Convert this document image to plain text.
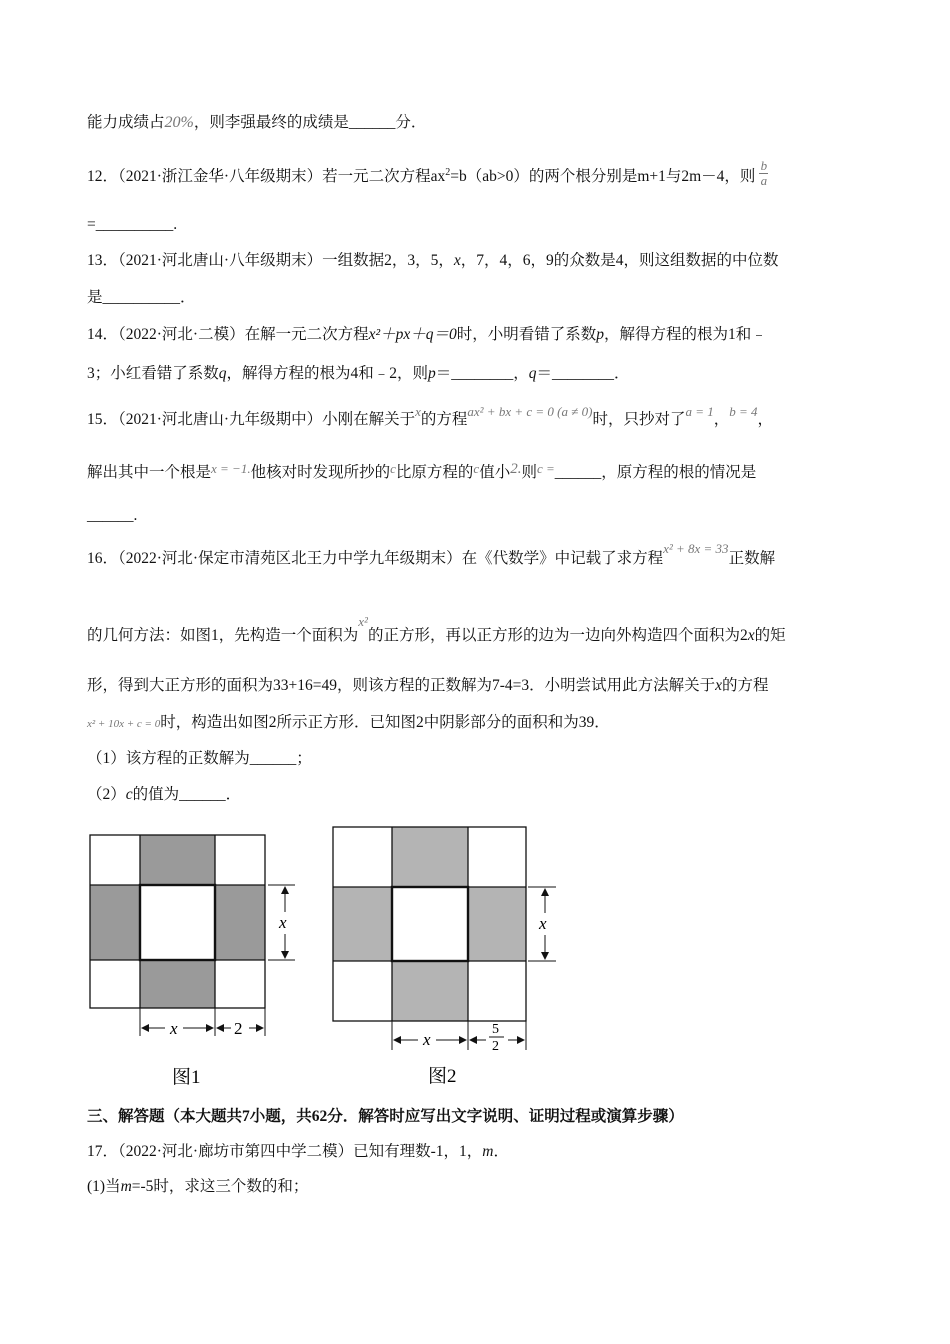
能力成绩占20%，则李强最终的成绩是______分．
12．（2021·浙江金华·八年级期末）若一元二次方程$ax^2=b(ab>0)$的两个根分别是m+1与2m－4，则 $\frac{b}{a}$
=__________.
13．（2021·河北唐山·八年级期末）一组数据2，3，5，x，7，4，6，9的众数是4，则这组数据的中位数
是__________．
14．（2022·河北·二模）在解一元二次方程x²＋px＋q＝0时，小明看错了系数p，解得方程的根为1和﹣
3；小红看错了系数q，解得方程的根为4和﹣2，则p＝________，q＝________．
15．（2021·河北唐山·九年级期中）小刚在解关于$^x$的方程$^{ax^2 + bx + c = 0 (a \ne 0)}$时，只抄对了$^{a = 1}$，$^{b = 4}$，
解出其中一个根是$^{x = -1.}$他核对时发现所抄的$^c$比原方程的$^c$值小2.则$^{c =}$______，原方程的根的情况是
______.
16．（2022·河北·保定市清苑区北王力中学九年级期末）在《代数学》中记载了求方程$^{x^2 + 8x = 33}$正数解
的几何方法：如图1，先构造一个面积为$^{x^2}$的正方形，再以正方形的边为一边向外构造四个面积为2x的矩
形，得到大正方形的面积为33+16=49，则该方程的正数解为7-4=3．小明尝试用此方法解关于x的方程
x² + 10x + c = 0时，构造出如图2所示正方形．已知图2中阴影部分的面积和为39．
（1）该方程的正数解为______；
（2）c的值为______．
x
x	2
图1
x
x
5
2
图2
三、解答题（本大题共7小题，共62分．解答时应写出文字说明、证明过程或演算步骤）
17．（2022·河北·廊坊市第四中学二模）已知有理数-1，1，m．
(1)当m=-5时，求这三个数的和；
